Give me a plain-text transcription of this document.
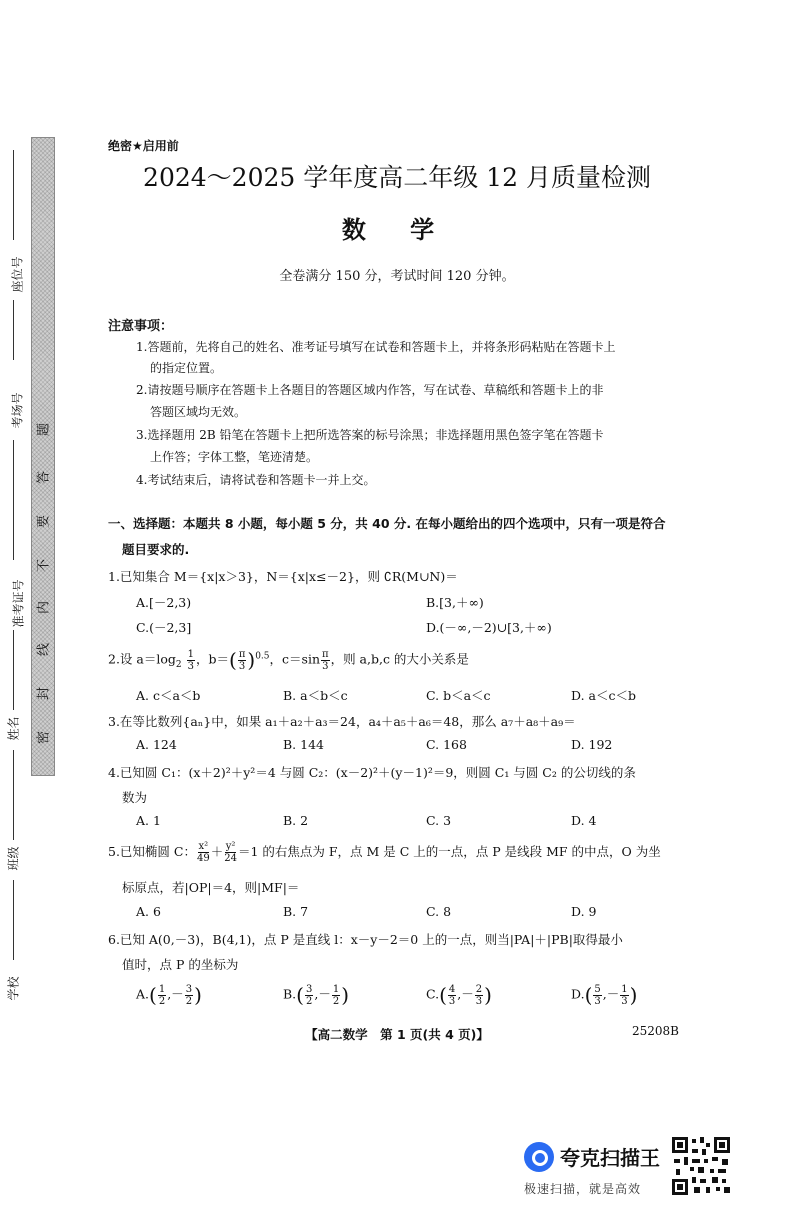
座位号
考场号
准考证号
姓名
班级
学校
题
答
要
不
内
线
封
密
绝密★启用前
2024～2025 学年度高二年级 12 月质量检测
数 学
全卷满分 150 分，考试时间 120 分钟。
注意事项：
1.答题前，先将自己的姓名、准考证号填写在试卷和答题卡上，并将条形码粘贴在答题卡上
的指定位置。
2.请按题号顺序在答题卡上各题目的答题区域内作答，写在试卷、草稿纸和答题卡上的非
答题区域均无效。
3.选择题用 2B 铅笔在答题卡上把所选答案的标号涂黑；非选择题用黑色签字笔在答题卡
上作答；字体工整，笔迹清楚。
4.考试结束后，请将试卷和答题卡一并上交。
一、选择题：本题共 8 小题，每小题 5 分，共 40 分. 在每小题给出的四个选项中，只有一项是符合
题目要求的.
1.已知集合 M＝{x|x＞3}，N＝{x|x≤－2}，则 ∁R(M∪N)＝
A.[－2,3)	B.[3,＋∞)
C.(－2,3]	D.(－∞,－2)∪[3,＋∞)
2.设 $a=\log_2 \frac{1}{3}$ ，$b=( \frac{\pi}{3} )^{0.5}$，$c=\sin \frac{\pi}{3}$ ，则 a,b,c 的大小关系是
A. c＜a＜b	B. a＜b＜c	C. b＜a＜c	D. a＜c＜b
3.在等比数列{aₙ}中，如果 a₁＋a₂＋a₃＝24，a₄＋a₅＋a₆＝48，那么 a₇＋a₈＋a₉＝
A. 124	B. 144	C. 168	D. 192
4.已知圆 C₁：(x＋2)²＋y²＝4 与圆 C₂：(x－2)²＋(y－1)²＝9，则圆 C₁ 与圆 C₂ 的公切线的条
数为
A. 1	B. 2	C. 3	D. 4
5.已知椭圆 C： $\frac{\text{x²}}{49} + \frac{\text{y²}}{24} =1$ 的右焦点为 F，点 M 是 C 上的一点，点 P 是线段 MF 的中点，O 为坐
标原点，若|OP|＝4，则|MF|＝
A. 6	B. 7	C. 8	D. 9
6.已知 A(0,－3)，B(4,1)，点 P 是直线 l：x－y－2＝0 上的一点，则当|PA|＋|PB|取得最小
值时，点 P 的坐标为
$A.( \frac{1}{2}$ ,－ $\frac{3}{2}$ )	$B.( \frac{3}{2}$ ,－ $\frac{1}{2}$ )	$C.( \frac{4}{3}$ ,－ $\frac{2}{3}$ )	$D.( \frac{5}{3}$ ,－ $\frac{1}{3}$ )
【高二数学　第 1 页(共 4 页)】	25208B
夸克扫描王
极速扫描，就是高效
